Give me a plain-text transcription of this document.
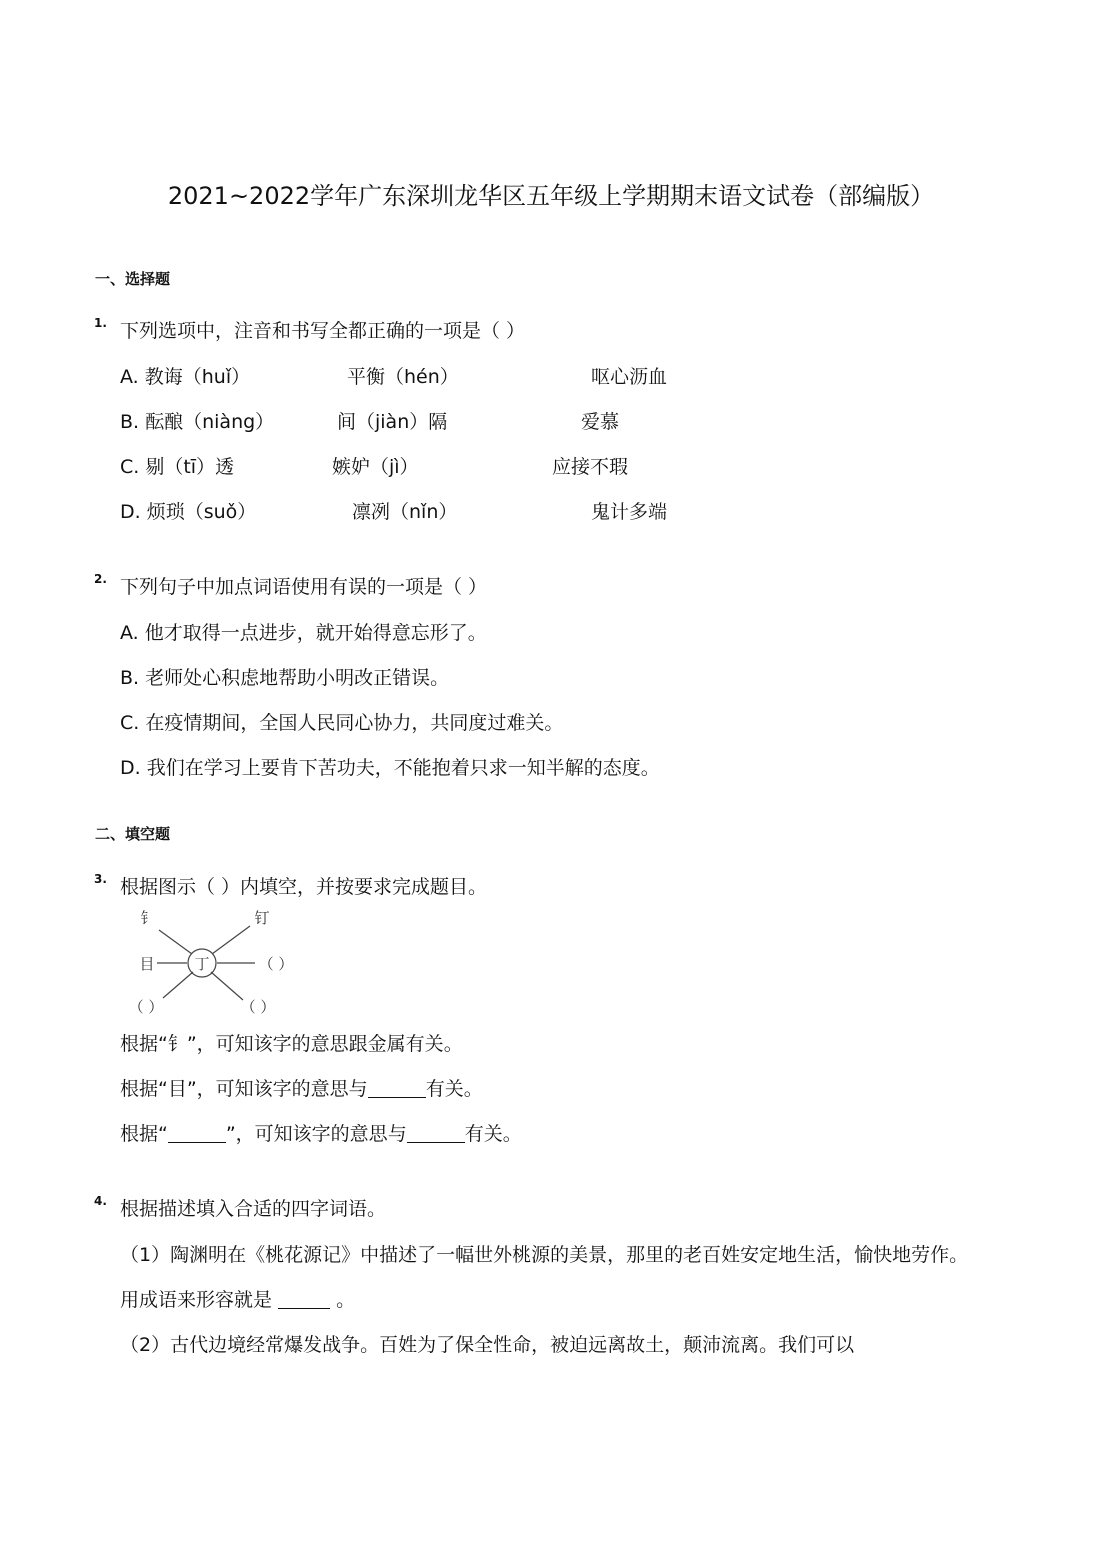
2021~2022学年广东深圳龙华区五年级上学期期末语文试卷（部编版）
一、选择题
1. 下列选项中，注音和书写全都正确的一项是（ ）
A. 教诲（huǐ）	平衡（hén）	呕心沥血
B. 酝酿（niàng）	间（jiàn）隔	爱慕
C. 剔（tī）透	嫉妒（jì）	应接不瑕
D. 烦琐（suǒ）	凛冽（nǐn）	鬼计多端
2. 下列句子中加点词语使用有误的一项是（ ）
A. 他才取得一点进步，就开始得意忘形了。
B. 老师处心积虑地帮助小明改正错误。
C. 在疫情期间，全国人民同心协力，共同度过难关。
D. 我们在学习上要肯下苦功夫，不能抱着只求一知半解的态度。
二、填空题
3. 根据图示（ ）内填空，并按要求完成题目。
丁
钅	钉
目	（ ）
（ ）	（ ）
根据“钅”，可知该字的意思跟金属有关。
根据“目”，可知该字的意思与	有关。
根据“	”，可知该字的意思与	有关。
4. 根据描述填入合适的四字词语。
（1）陶渊明在《桃花源记》中描述了一幅世外桃源的美景，那里的老百姓安定地生活，愉快地劳作。
用成语来形容就是	。
（2）古代边境经常爆发战争。百姓为了保全性命，被迫远离故土，颠沛流离。我们可以
